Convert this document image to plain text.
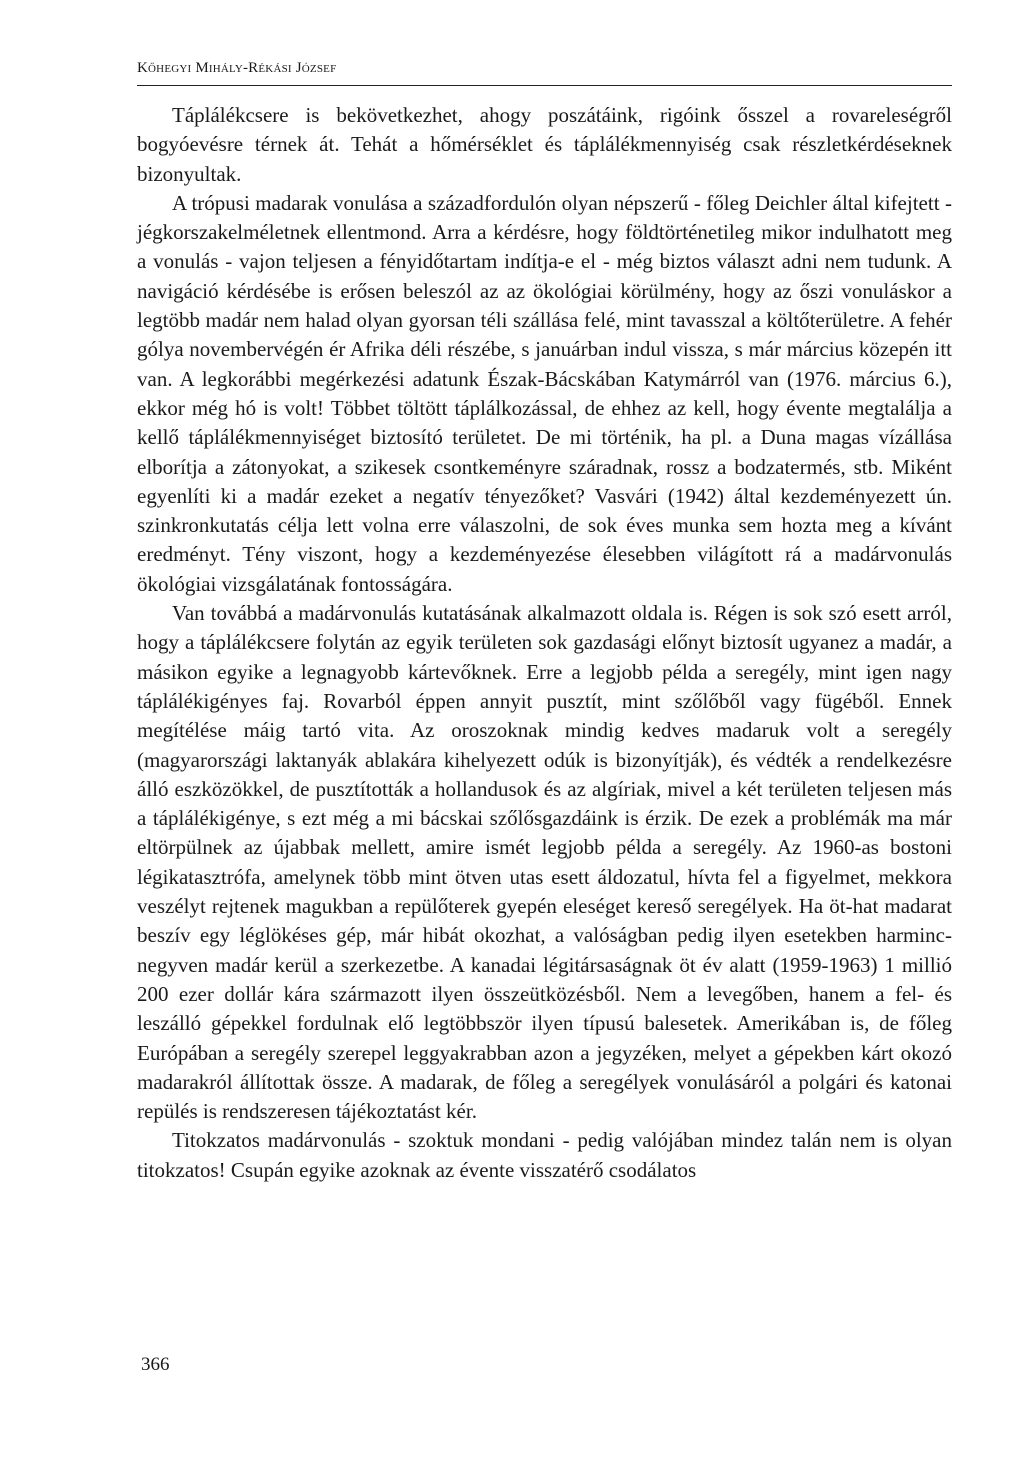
Kőhegyi Mihály-Rékási József

Táplálékcsere is bekövetkezhet, ahogy poszátáink, rigóink ősszel a rovareleségről bogyóevésre térnek át. Tehát a hőmérséklet és táplálékmennyiség csak részletkérdéseknek bizonyultak.

A trópusi madarak vonulása a századfordulón olyan népszerű - főleg Deichler által kifejtett - jégkorszakelméletnek ellentmond. Arra a kérdésre, hogy földtörténetileg mikor indulhatott meg a vonulás - vajon teljesen a fényidőtartam indítja-e el - még biztos választ adni nem tudunk. A navigáció kérdésébe is erősen beleszól az az ökológiai körülmény, hogy az őszi vonuláskor a legtöbb madár nem halad olyan gyorsan téli szállása felé, mint tavasszal a költőterületre. A fehér gólya novembervégén ér Afrika déli részébe, s januárban indul vissza, s már március közepén itt van. A legkorábbi megérkezési adatunk Észak-Bácskában Katymárról van (1976. március 6.), ekkor még hó is volt! Többet töltött táplálkozással, de ehhez az kell, hogy évente megtalálja a kellő táplálékmennyiséget biztosító területet. De mi történik, ha pl. a Duna magas vízállása elborítja a zátonyokat, a szikesek csontkeményre száradnak, rossz a bodzatermés, stb. Miként egyenlíti ki a madár ezeket a negatív tényezőket? Vasvári (1942) által kezdeményezett ún. szinkronkutatás célja lett volna erre válaszolni, de sok éves munka sem hozta meg a kívánt eredményt. Tény viszont, hogy a kezdeményezése élesebben világított rá a madárvonulás ökológiai vizsgálatának fontosságára.

Van továbbá a madárvonulás kutatásának alkalmazott oldala is. Régen is sok szó esett arról, hogy a táplálékcsere folytán az egyik területen sok gazdasági előnyt biztosít ugyanez a madár, a másikon egyike a legnagyobb kártevőknek. Erre a legjobb példa a seregély, mint igen nagy táplálékigényes faj. Rovarból éppen annyit pusztít, mint szőlőből vagy fügéből. Ennek megítélése máig tartó vita. Az oroszoknak mindig kedves madaruk volt a seregély (magyarországi laktanyák ablakára kihelyezett odúk is bizonyítják), és védték a rendelkezésre álló eszközökkel, de pusztították a hollandusok és az algíriak, mivel a két területen teljesen más a táplálékigénye, s ezt még a mi bácskai szőlősgazdáink is érzik. De ezek a problémák ma már eltörpülnek az újabbak mellett, amire ismét legjobb példa a seregély. Az 1960-as bostoni légikatasztrófa, amelynek több mint ötven utas esett áldozatul, hívta fel a figyelmet, mekkora veszélyt rejtenek magukban a repülőterek gyepén eleséget kereső seregélyek. Ha öt-hat madarat beszív egy léglökéses gép, már hibát okozhat, a valóságban pedig ilyen esetekben harminc-negyven madár kerül a szerkezetbe. A kanadai légitársaságnak öt év alatt (1959-1963) 1 millió 200 ezer dollár kára származott ilyen összeütközésből. Nem a levegőben, hanem a fel- és leszálló gépekkel fordulnak elő legtöbbször ilyen típusú balesetek. Amerikában is, de főleg Európában a seregély szerepel leggyakrabban azon a jegyzéken, melyet a gépekben kárt okozó madarakról állítottak össze. A madarak, de főleg a seregélyek vonulásáról a polgári és katonai repülés is rendszeresen tájékoztatást kér.

Titokzatos madárvonulás - szoktuk mondani - pedig valójában mindez talán nem is olyan titokzatos! Csupán egyike azoknak az évente visszatérő csodálatos

366
